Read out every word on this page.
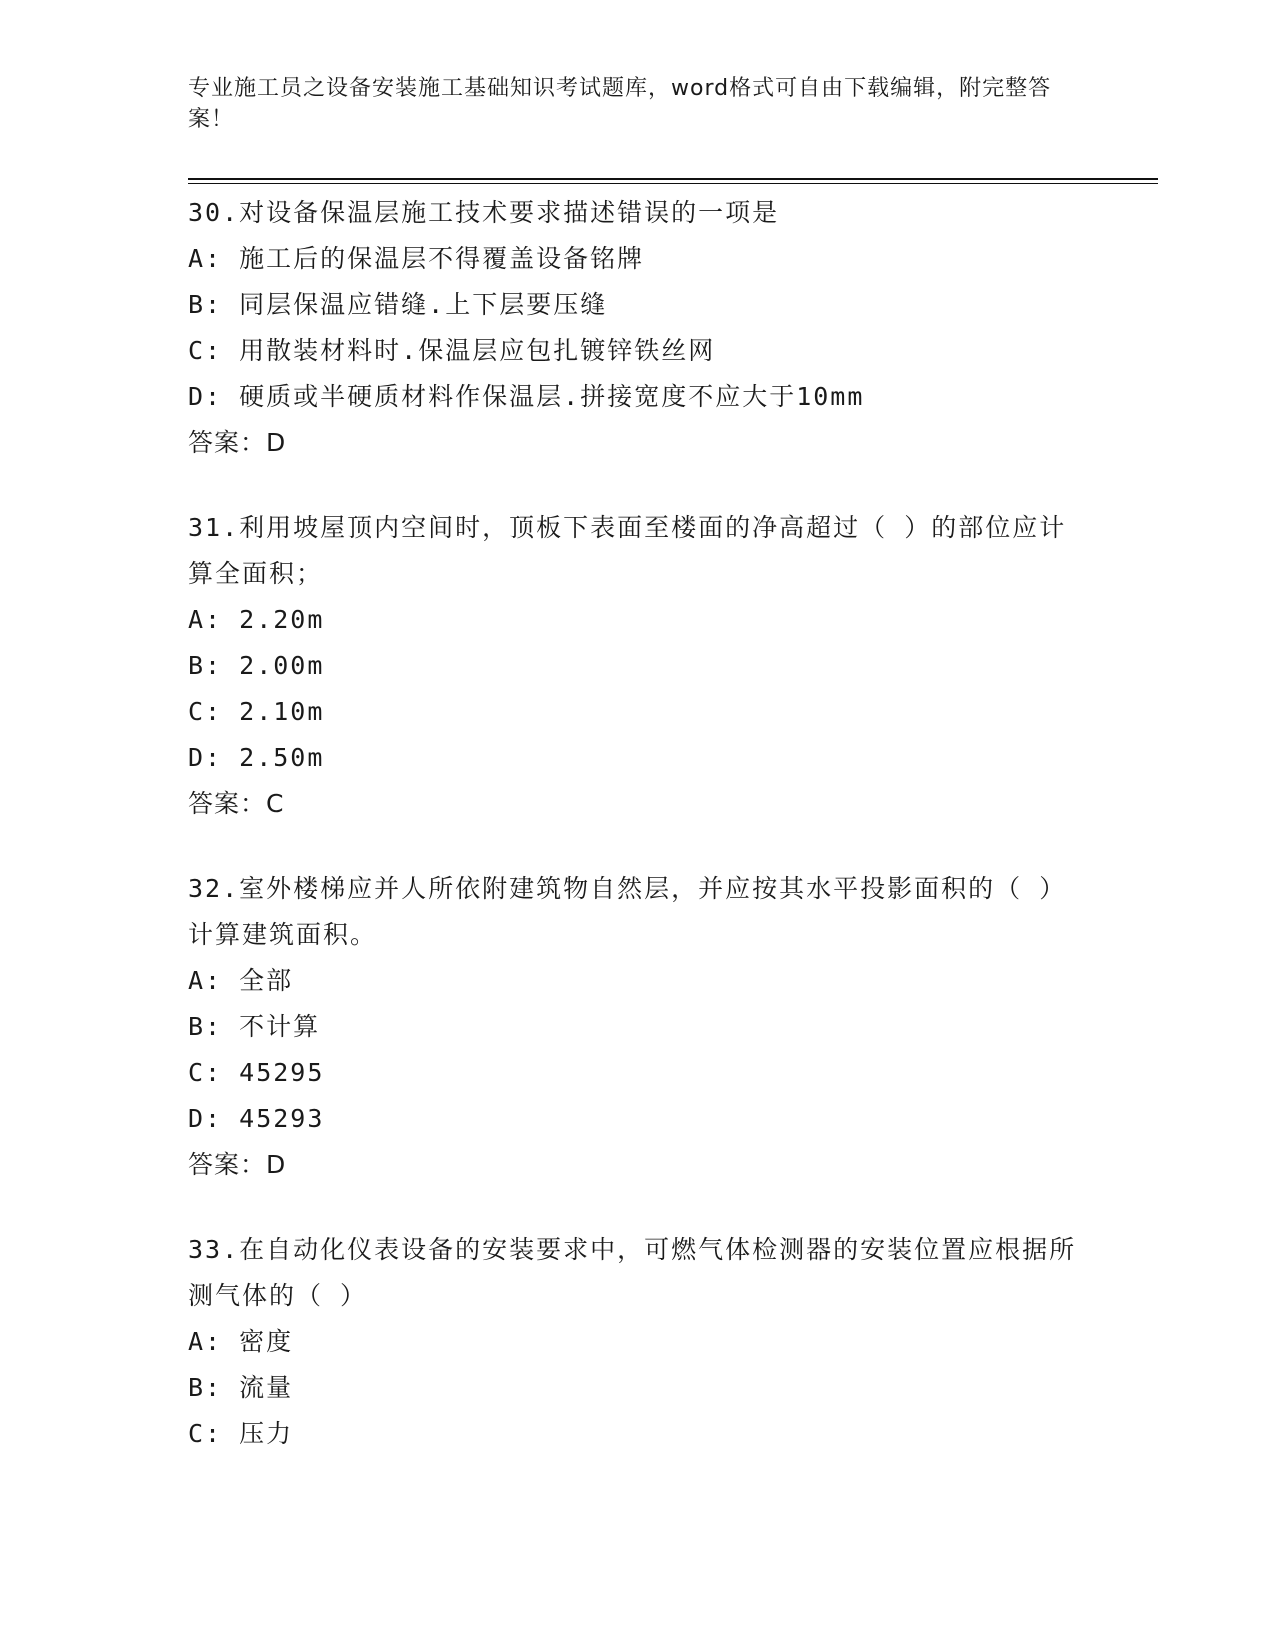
专业施工员之设备安装施工基础知识考试题库，word格式可自由下载编辑，附完整答案！
30.对设备保温层施工技术要求描述错误的一项是
A: 施工后的保温层不得覆盖设备铭牌
B: 同层保温应错缝.上下层要压缝
C: 用散装材料时.保温层应包扎镀锌铁丝网
D: 硬质或半硬质材料作保温层.拼接宽度不应大于10mm
答案：D
31.利用坡屋顶内空间时，顶板下表面至楼面的净高超过（ ）的部位应计算全面积；
A: 2.20m
B: 2.00m
C: 2.10m
D: 2.50m
答案：C
32.室外楼梯应并人所依附建筑物自然层，并应按其水平投影面积的（ ）计算建筑面积。
A: 全部
B: 不计算
C: 45295
D: 45293
答案：D
33.在自动化仪表设备的安装要求中，可燃气体检测器的安装位置应根据所测气体的（ ）
A: 密度
B: 流量
C: 压力
